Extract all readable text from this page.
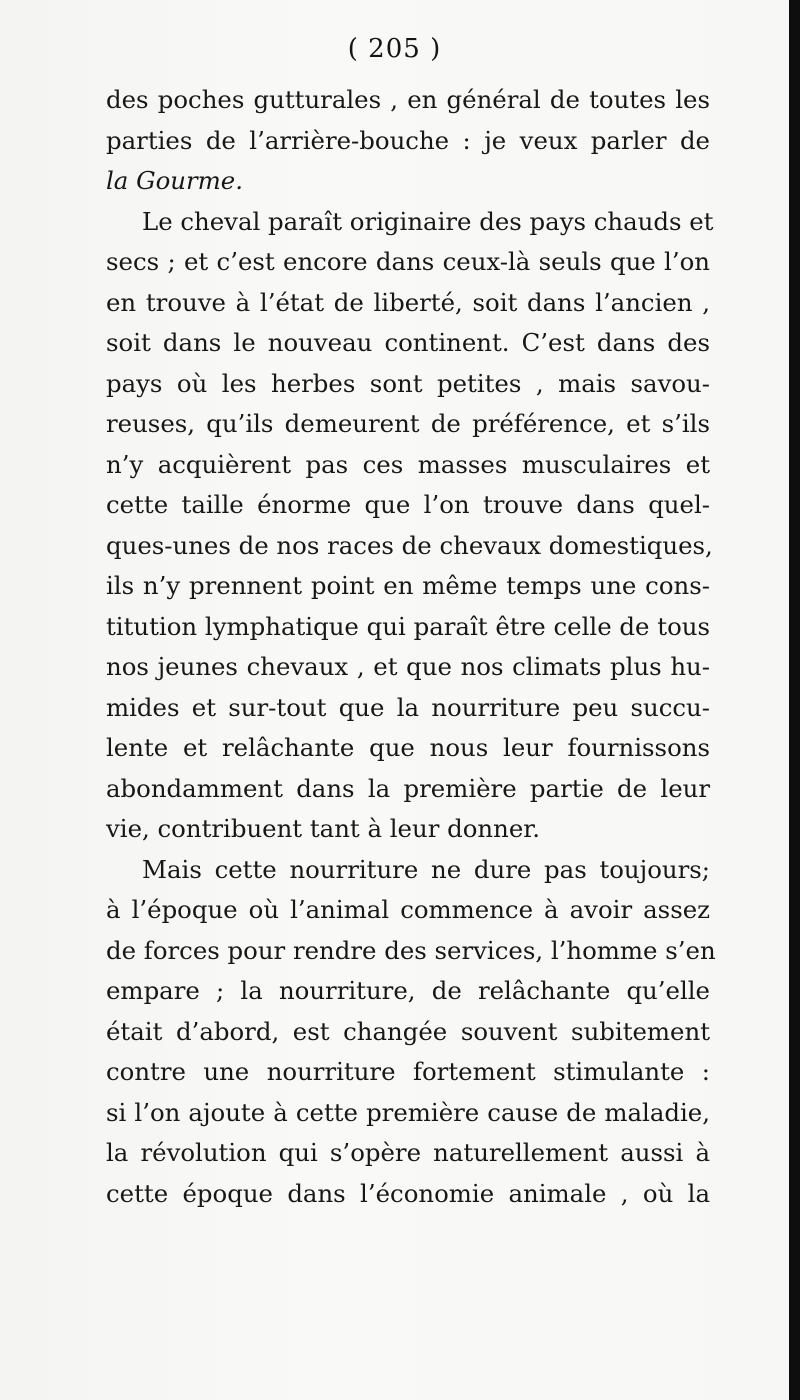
( 205 )
des poches gutturales , en général de toutes les
parties de l’arrière-bouche : je veux parler de
la Gourme.
Le cheval paraît originaire des pays chauds et
secs ; et c’est encore dans ceux-là seuls que l’on
en trouve à l’état de liberté, soit dans l’ancien ,
soit dans le nouveau continent. C’est dans des
pays où les herbes sont petites , mais savou-
reuses, qu’ils demeurent de préférence, et s’ils
n’y acquièrent pas ces masses musculaires et
cette taille énorme que l’on trouve dans quel-
ques-unes de nos races de chevaux domestiques,
ils n’y prennent point en même temps une cons-
titution lymphatique qui paraît être celle de tous
nos jeunes chevaux , et que nos climats plus hu-
mides et sur-tout que la nourriture peu succu-
lente et relâchante que nous leur fournissons
abondamment dans la première partie de leur
vie, contribuent tant à leur donner.
Mais cette nourriture ne dure pas toujours;
à l’époque où l’animal commence à avoir assez
de forces pour rendre des services, l’homme s’en
empare ; la nourriture, de relâchante qu’elle
était d’abord, est changée souvent subitement
contre une nourriture fortement stimulante :
si l’on ajoute à cette première cause de maladie,
la révolution qui s’opère naturellement aussi à
cette époque dans l’économie animale , où la
